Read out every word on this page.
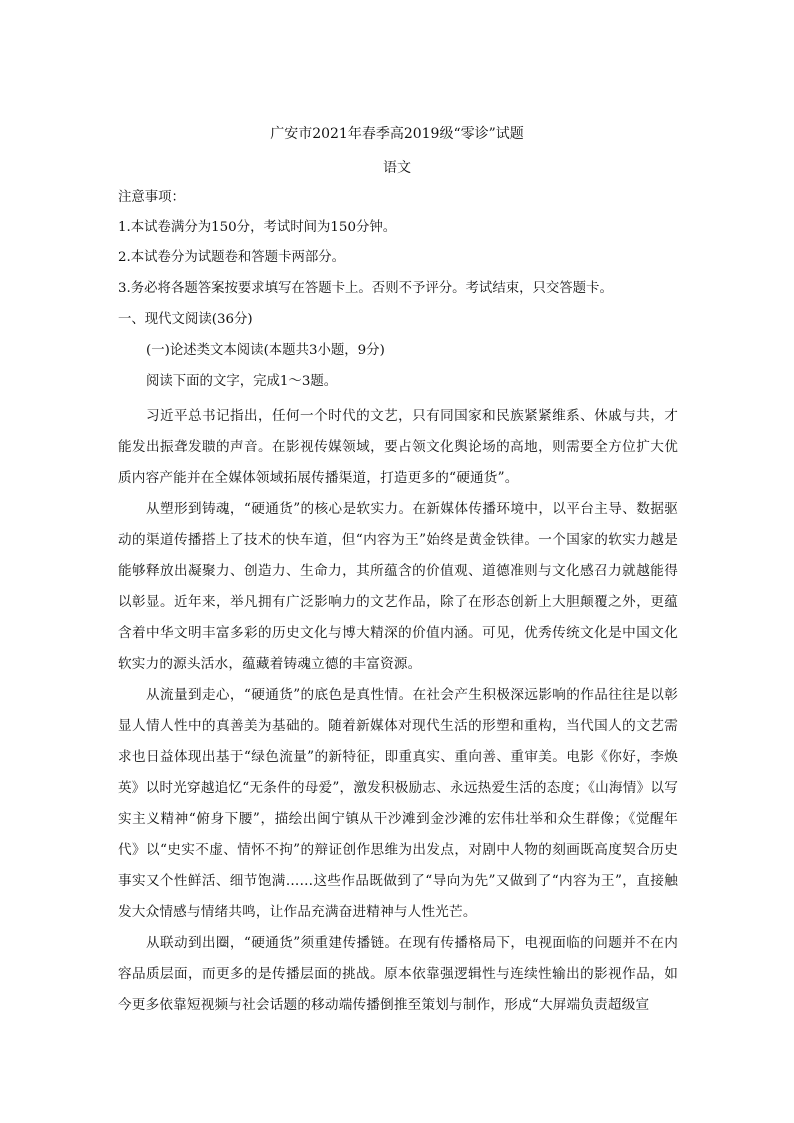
广安市2021年春季高2019级“零诊”试题
语文
注意事项：
1.本试卷满分为150分，考试时间为150分钟。
2.本试卷分为试题卷和答题卡两部分。
3.务必将各题答案按要求填写在答题卡上。否则不予评分。考试结束，只交答题卡。
一、现代文阅读(36分)
(一)论述类文本阅读(本题共3小题，9分)
阅读下面的文字，完成1～3题。

习近平总书记指出，任何一个时代的文艺，只有同国家和民族紧紧维系、休戚与共，才能发出振聋发聩的声音。在影视传媒领域，要占领文化舆论场的高地，则需要全方位扩大优质内容产能并在全媒体领域拓展传播渠道，打造更多的“硬通货”。

从塑形到铸魂，“硬通货”的核心是软实力。在新媒体传播环境中，以平台主导、数据驱动的渠道传播搭上了技术的快车道，但“内容为王”始终是黄金铁律。一个国家的软实力越是能够释放出凝聚力、创造力、生命力，其所蕴含的价值观、道德准则与文化感召力就越能得以彰显。近年来，举凡拥有广泛影响力的文艺作品，除了在形态创新上大胆颠覆之外，更蕴含着中华文明丰富多彩的历史文化与博大精深的价值内涵。可见，优秀传统文化是中国文化软实力的源头活水，蕴藏着铸魂立德的丰富资源。

从流量到走心，“硬通货”的底色是真性情。在社会产生积极深远影响的作品往往是以彰显人情人性中的真善美为基础的。随着新媒体对现代生活的形塑和重构，当代国人的文艺需求也日益体现出基于“绿色流量”的新特征，即重真实、重向善、重审美。电影《你好，李焕英》以时光穿越追忆“无条件的母爱”，激发积极励志、永远热爱生活的态度；《山海情》以写实主义精神“俯身下腰”，描绘出闽宁镇从干沙滩到金沙滩的宏伟壮举和众生群像；《觉醒年代》以“史实不虚、情怀不拘”的辩证创作思维为出发点，对剧中人物的刻画既高度契合历史事实又个性鲜活、细节饱满……这些作品既做到了“导向为先”又做到了“内容为王”，直接触发大众情感与情绪共鸣，让作品充满奋进精神与人性光芒。

从联动到出圈，“硬通货”须重建传播链。在现有传播格局下，电视面临的问题并不在内容品质层面，而更多的是传播层面的挑战。原本依靠强逻辑性与连续性输出的影视作品，如今更多依靠短视频与社会话题的移动端传播倒推至策划与制作，形成“大屏端负责超级宣
